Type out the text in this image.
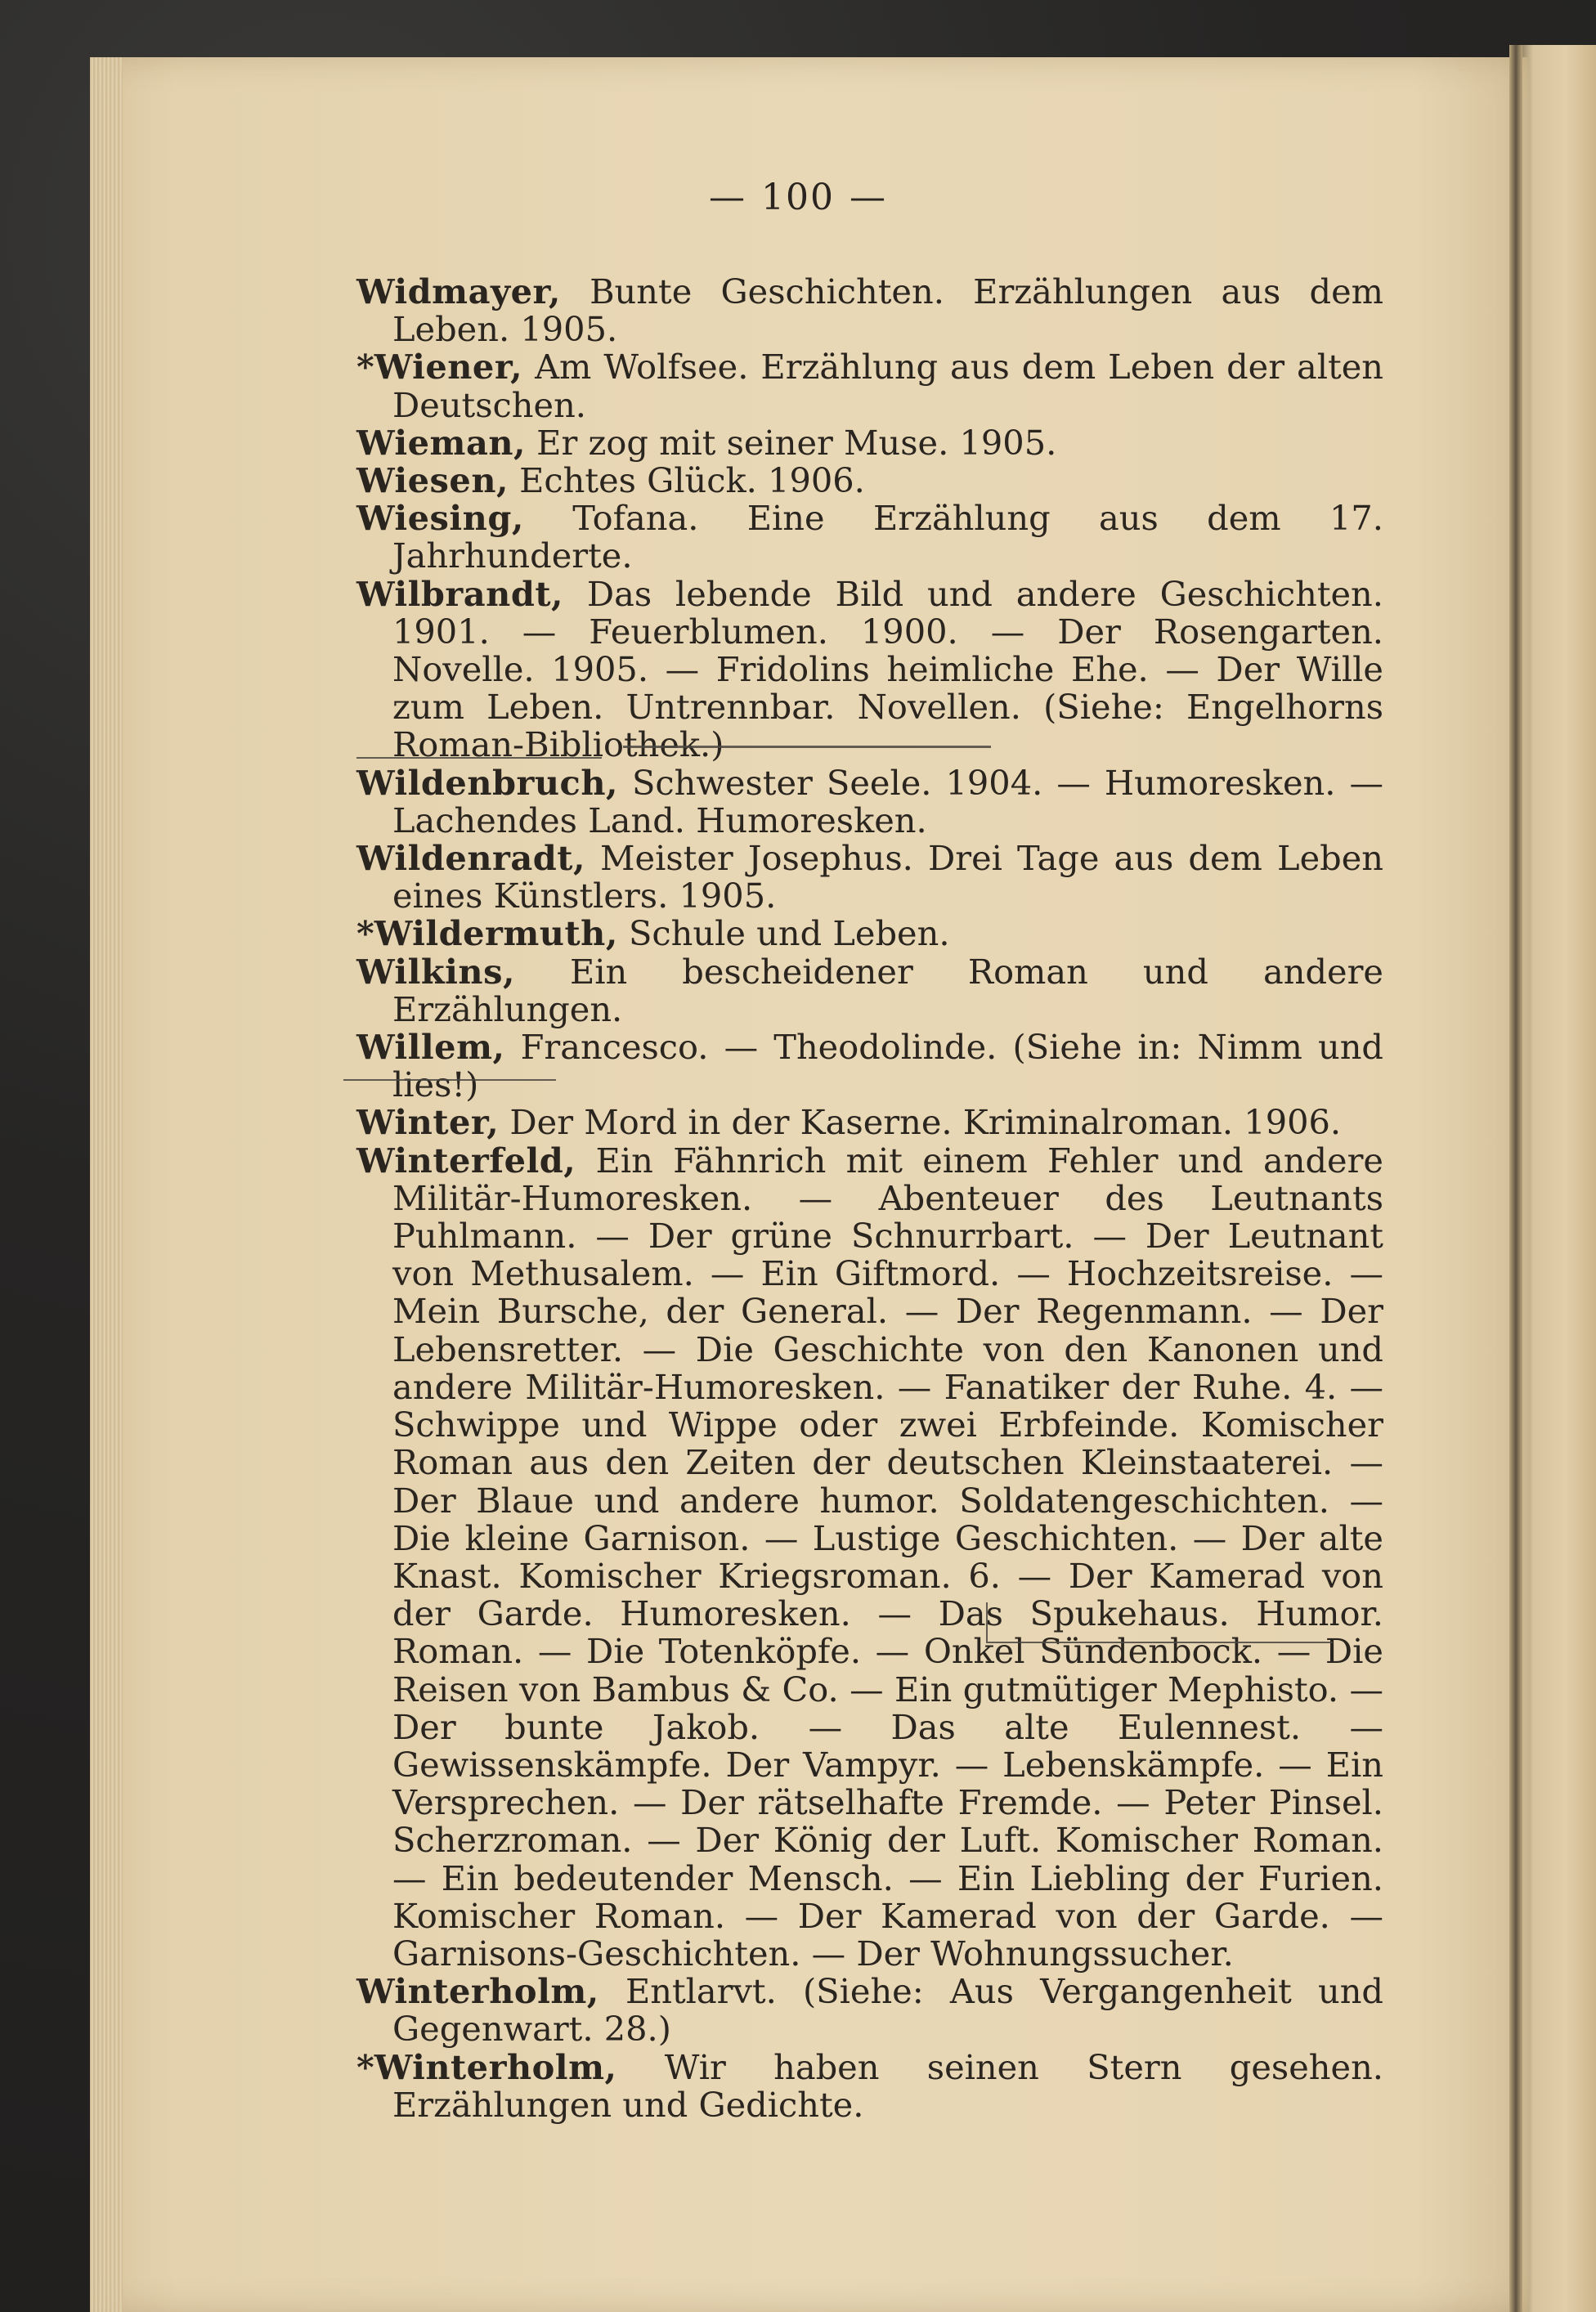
— 100 —

Widmayer, Bunte Geschichten. Erzählungen aus dem Leben. 1905.

*Wiener, Am Wolfsee. Erzählung aus dem Leben der alten Deutschen.

Wieman, Er zog mit seiner Muse. 1905.

Wiesen, Echtes Glück. 1906.

Wiesing, Tofana. Eine Erzählung aus dem 17. Jahrhunderte.

Wilbrandt, Das lebende Bild und andere Geschichten. 1901. — Feuerblumen. 1900. — Der Rosengarten. Novelle. 1905. — Fridolins heimliche Ehe. — Der Wille zum Leben. Untrennbar. Novellen. (Siehe: Engelhorns Roman-Bibliothek.)

Wildenbruch, Schwester Seele. 1904. — Humoresken. — Lachendes Land. Humoresken.

Wildenradt, Meister Josephus. Drei Tage aus dem Leben eines Künstlers. 1905.

*Wildermuth, Schule und Leben.

Wilkins, Ein bescheidener Roman und andere Erzählungen.

Willem, Francesco. — Theodolinde. (Siehe in: Nimm und lies!)

Winter, Der Mord in der Kaserne. Kriminalroman. 1906.

Winterfeld, Ein Fähnrich mit einem Fehler und andere Militär-Humoresken. — Abenteuer des Leutnants Puhlmann. — Der grüne Schnurrbart. — Der Leutnant von Methusalem. — Ein Giftmord. — Hochzeitsreise. — Mein Bursche, der General. — Der Regenmann. — Der Lebensretter. — Die Geschichte von den Kanonen und andere Militär-Humoresken. — Fanatiker der Ruhe. 4. — Schwippe und Wippe oder zwei Erbfeinde. Komischer Roman aus den Zeiten der deutschen Kleinstaaterei. — Der Blaue und andere humor. Soldatengeschichten. — Die kleine Garnison. — Lustige Geschichten. — Der alte Knast. Komischer Kriegsroman. 6. — Der Kamerad von der Garde. Humoresken. — Das Spukehaus. Humor. Roman. — Die Totenköpfe. — Onkel Sündenbock. — Die Reisen von Bambus & Co. — Ein gutmütiger Mephisto. — Der bunte Jakob. — Das alte Eulennest. — Gewissenskämpfe. Der Vampyr. — Lebenskämpfe. — Ein Versprechen. — Der rätselhafte Fremde. — Peter Pinsel. Scherzroman. — Der König der Luft. Komischer Roman. — Ein bedeutender Mensch. — Ein Liebling der Furien. Komischer Roman. — Der Kamerad von der Garde. — Garnisons-Geschichten. — Der Wohnungssucher.

Winterholm, Entlarvt. (Siehe: Aus Vergangenheit und Gegenwart. 28.)

*Winterholm, Wir haben seinen Stern gesehen. Erzählungen und Gedichte.
